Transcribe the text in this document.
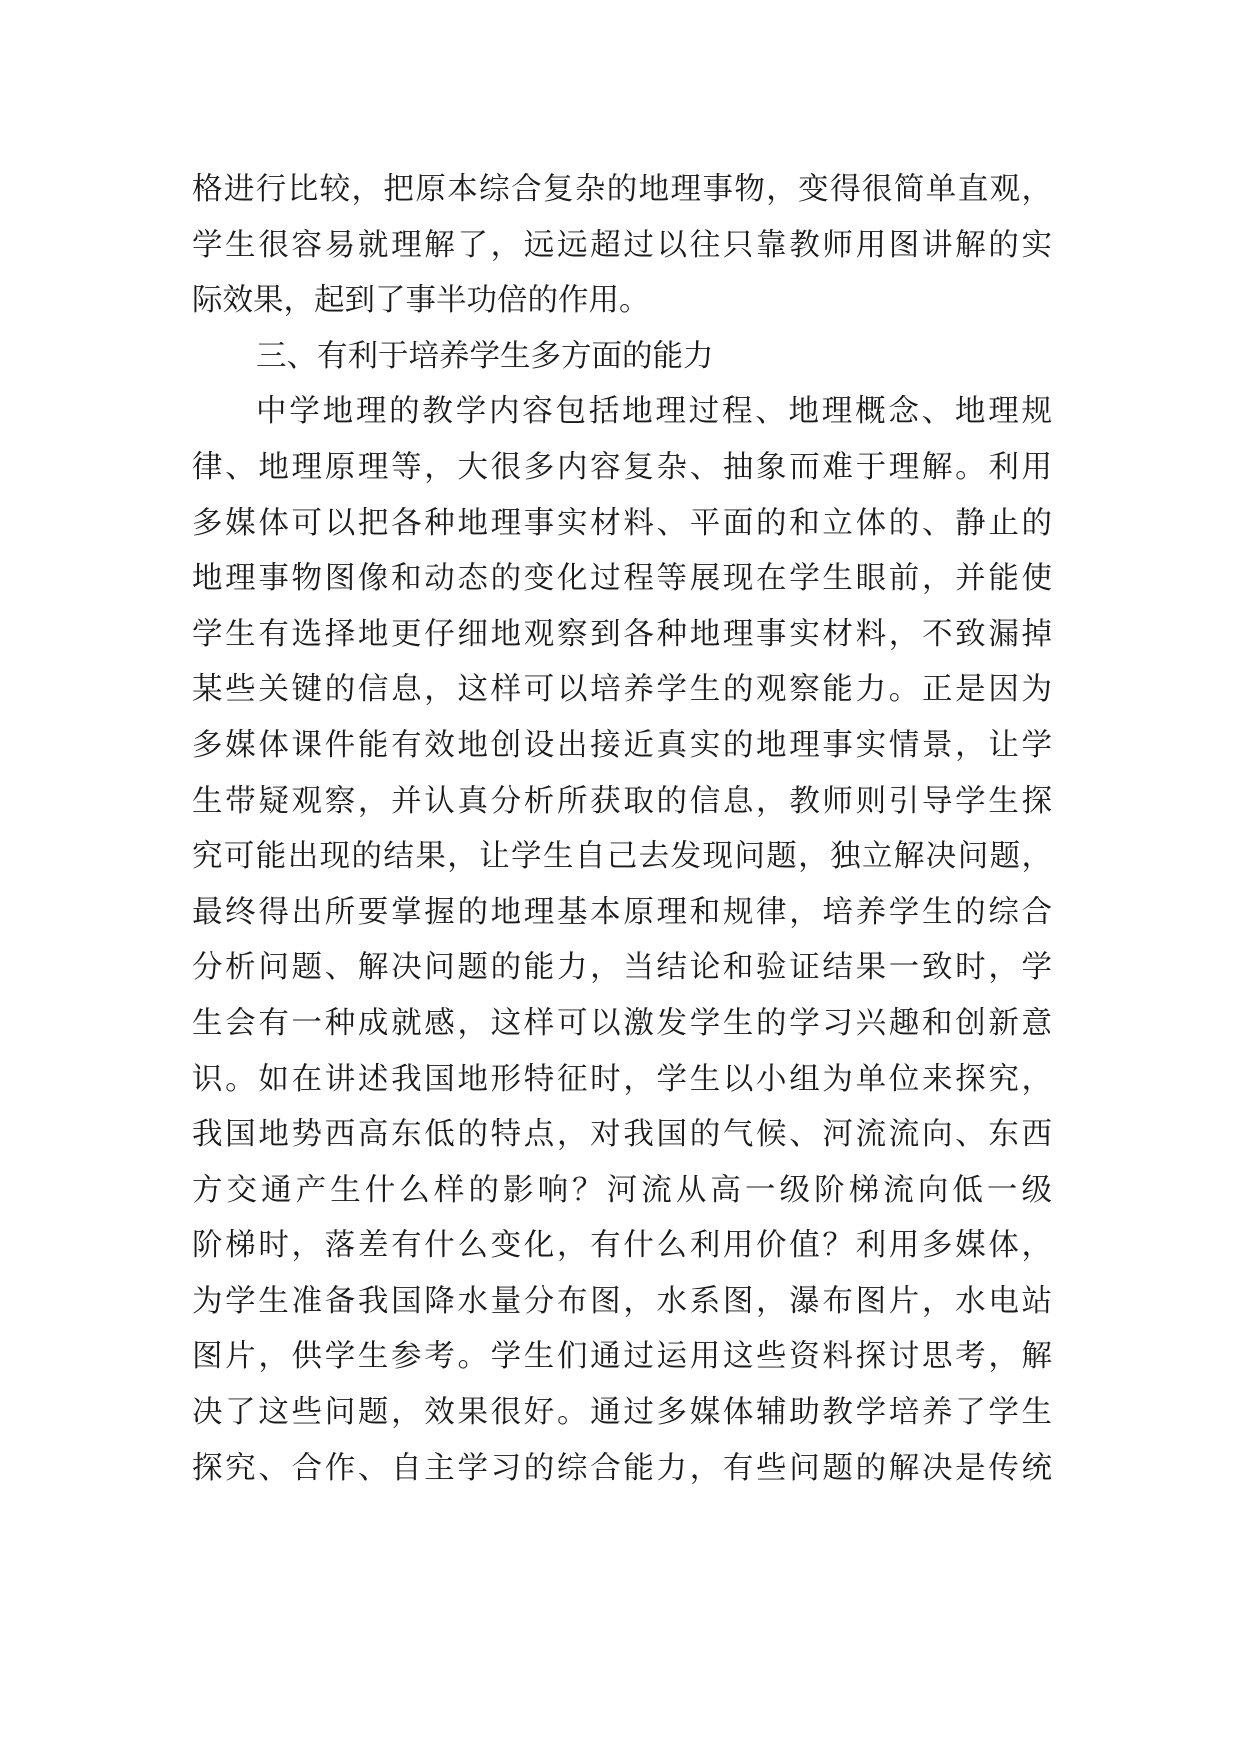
格进行比较，把原本综合复杂的地理事物，变得很简单直观，
学生很容易就理解了，远远超过以往只靠教师用图讲解的实
际效果，起到了事半功倍的作用。
三、有利于培养学生多方面的能力
中学地理的教学内容包括地理过程、地理概念、地理规
律、地理原理等，大很多内容复杂、抽象而难于理解。利用
多媒体可以把各种地理事实材料、平面的和立体的、静止的
地理事物图像和动态的变化过程等展现在学生眼前，并能使
学生有选择地更仔细地观察到各种地理事实材料，不致漏掉
某些关键的信息，这样可以培养学生的观察能力。正是因为
多媒体课件能有效地创设出接近真实的地理事实情景，让学
生带疑观察，并认真分析所获取的信息，教师则引导学生探
究可能出现的结果，让学生自己去发现问题，独立解决问题，
最终得出所要掌握的地理基本原理和规律，培养学生的综合
分析问题、解决问题的能力，当结论和验证结果一致时，学
生会有一种成就感，这样可以激发学生的学习兴趣和创新意
识。如在讲述我国地形特征时，学生以小组为单位来探究，
我国地势西高东低的特点，对我国的气候、河流流向、东西
方交通产生什么样的影响？河流从高一级阶梯流向低一级
阶梯时，落差有什么变化，有什么利用价值？利用多媒体，
为学生准备我国降水量分布图，水系图，瀑布图片，水电站
图片，供学生参考。学生们通过运用这些资料探讨思考，解
决了这些问题，效果很好。通过多媒体辅助教学培养了学生
探究、合作、自主学习的综合能力，有些问题的解决是传统
